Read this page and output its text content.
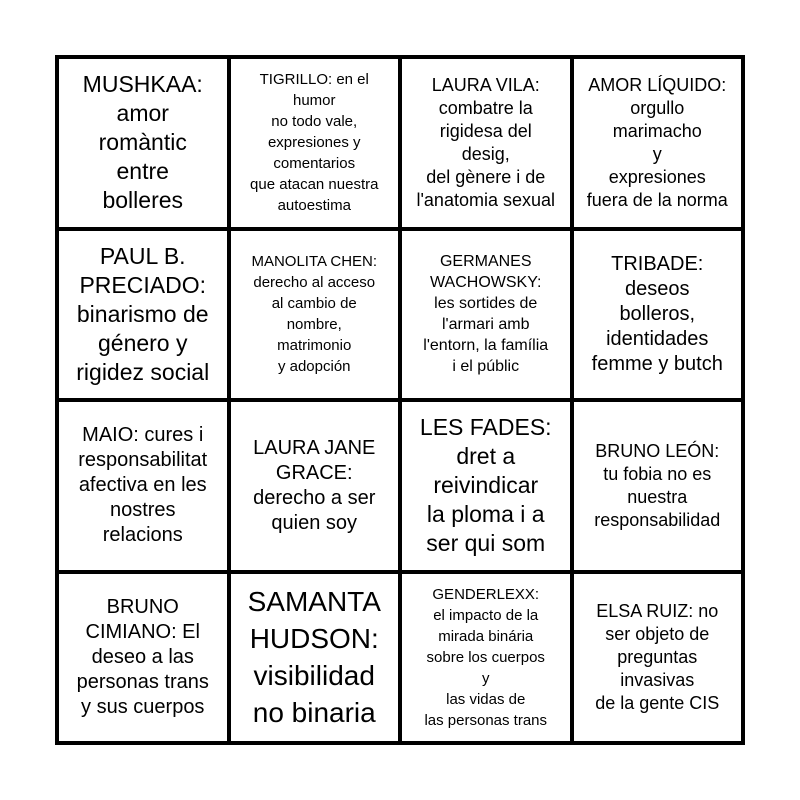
MUSHKAA:
amor
romàntic
entre
bolleres
TIGRILLO: en el
humor
no todo vale,
expresiones y
comentarios
que atacan nuestra
autoestima
LAURA VILA:
combatre la
rigidesa del
desig,
del gènere i de
l'anatomia sexual
AMOR LÍQUIDO:
orgullo
marimacho
y
expresiones
fuera de la norma
PAUL B.
PRECIADO:
binarismo de
género y
rigidez social
MANOLITA CHEN:
derecho al acceso
al cambio de
nombre,
matrimonio
y adopción
GERMANES
WACHOWSKY:
les sortides de
l'armari amb
l'entorn, la família
i el públic
TRIBADE:
deseos
bolleros,
identidades
femme y butch
MAIO: cures i
responsabilitat
afectiva en les
nostres
relacions
LAURA JANE
GRACE:
derecho a ser
quien soy
LES FADES:
dret a
reivindicar
la ploma i a
ser qui som
BRUNO LEÓN:
tu fobia no es
nuestra
responsabilidad
BRUNO
CIMIANO: El
deseo a las
personas trans
y sus cuerpos
SAMANTA
HUDSON:
visibilidad
no binaria
GENDERLEXX:
el impacto de la
mirada binária
sobre los cuerpos
y
las vidas de
las personas trans
ELSA RUIZ: no
ser objeto de
preguntas
invasivas
de la gente CIS
